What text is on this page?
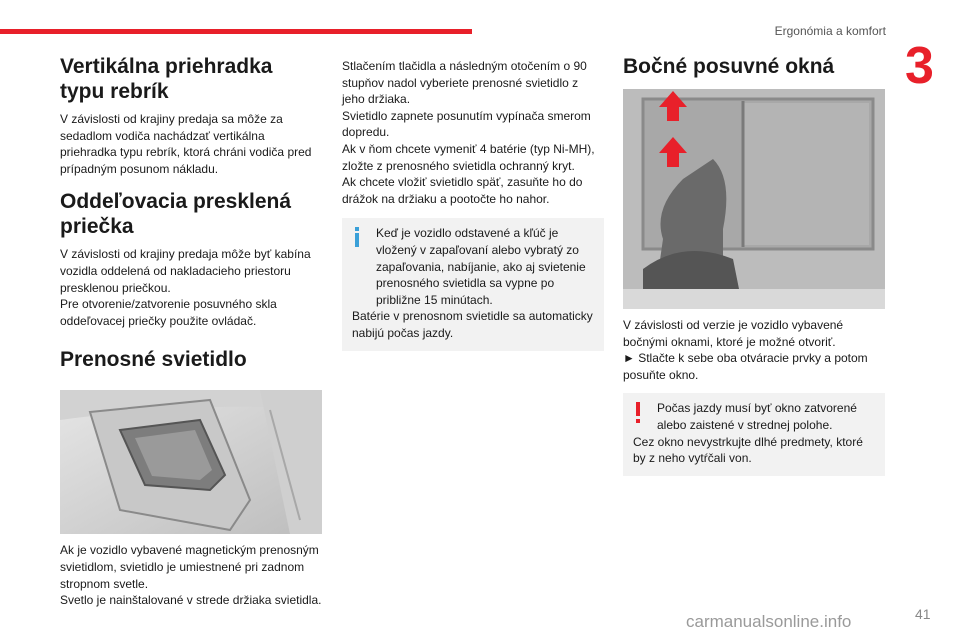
Ergonómia a komfort
3
Vertikálna priehradka typu rebrík

V závislosti od krajiny predaja sa môže za sedadlom vodiča nachádzať vertikálna priehradka typu rebrík, ktorá chráni vodiča pred prípadným posunom nákladu.

Oddeľovacia presklená priečka

V závislosti od krajiny predaja môže byť kabína vozidla oddelená od nakladacieho priestoru presklenou priečkou.

Pre otvorenie/zatvorenie posuvného skla oddeľovacej priečky použite ovládač.

Prenosné svietidlo

Ak je vozidlo vybavené magnetickým prenosným svietidlom, svietidlo je umiestnené pri zadnom stropnom svetle.

Svetlo je nainštalované v strede držiaka svietidla.

Stlačením tlačidla a následným otočením o 90 stupňov nadol vyberiete prenosné svietidlo z jeho držiaka.

Svietidlo zapnete posunutím vypínača smerom dopredu.

Ak v ňom chcete vymeniť 4 batérie (typ Ni-MH), zložte z prenosného svietidla ochranný kryt.

Ak chcete vložiť svietidlo späť, zasuňte ho do drážok na držiaku a pootočte ho nahor.

Keď je vozidlo odstavené a kľúč je vložený v zapaľovaní alebo vybratý zo zapaľovania, nabíjanie, ako aj svietenie prenosného svietidla sa vypne po približne 15 minútach.

Batérie v prenosnom svietidle sa automaticky nabijú počas jazdy.

Bočné posuvné okná

V závislosti od verzie je vozidlo vybavené bočnými oknami, ktoré je možné otvoriť.

► Stlačte k sebe oba otváracie prvky a potom posuňte okno.

Počas jazdy musí byť okno zatvorené alebo zaistené v strednej polohe.

Cez okno nevystrkujte dlhé predmety, ktoré by z neho vytŕčali von.

carmanualsonline.info	41
